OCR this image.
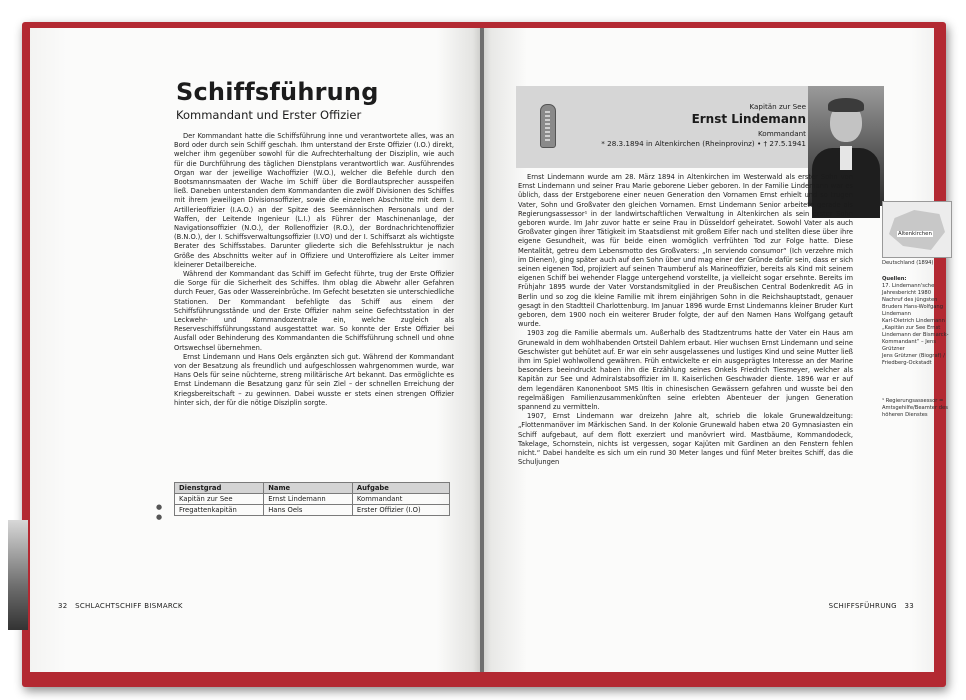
Schiffsführung
Kommandant und Erster Offizier

Der Kommandant hatte die Schiffsführung inne und verantwortete alles, was an Bord oder durch sein Schiff geschah. Ihm unterstand der Erste Offizier (I.O.) direkt, welcher ihm gegenüber sowohl für die Aufrechterhaltung der Disziplin, wie auch für die Durchführung des täglichen Dienstplans verantwortlich war. Ausführendes Organ war der jeweilige Wachoffizier (W.O.), welcher die Befehle durch den Bootsmannsmaaten der Wache im Schiff über die Bordlautsprecher ausspeifen ließ. Daneben unterstanden dem Kommandanten die zwölf Divisionen des Schiffes mit ihrem jeweiligen Divisionsoffizier, sowie die einzelnen Abschnitte mit dem I. Artillerieoffizier (I.A.O.) an der Spitze des Seemännischen Personals und der Waffen, der Leitende Ingenieur (L.I.) als Führer der Maschinenanlage, der Navigationsoffizier (N.O.), der Rollenoffizier (R.O.), der Bordnachrichtenoffizier (B.N.O.), der I. Schiffsverwaltungsoffizier (I.VO) und der I. Schiffsarzt als wichtigste Berater des Schiffsstabes. Darunter gliederte sich die Befehlsstruktur je nach Größe des Abschnitts weiter auf in Offiziere und Unteroffiziere als Leiter immer kleinerer Detailbereiche.

Während der Kommandant das Schiff im Gefecht führte, trug der Erste Offizier die Sorge für die Sicherheit des Schiffes. Ihm oblag die Abwehr aller Gefahren durch Feuer, Gas oder Wassereinbrüche. Im Gefecht besetzten sie unterschiedliche Stationen. Der Kommandant befehligte das Schiff aus einem der Schiffsführungsstände und der Erste Offizier nahm seine Gefechtsstation in der Leckwehr- und Kommandozentrale ein, welche zugleich als Reserveschiffsführungsstand ausgestattet war. So konnte der Erste Offizier bei Ausfall oder Behinderung des Kommandanten die Schiffsführung schnell und ohne Ortswechsel übernehmen.

Ernst Lindemann und Hans Oels ergänzten sich gut. Während der Kommandant von der Besatzung als freundlich und aufgeschlossen wahrgenommen wurde, war Hans Oels für seine nüchterne, streng militärische Art bekannt. Das ermöglichte es Ernst Lindemann die Besatzung ganz für sein Ziel – der schnellen Erreichung der Kriegsbereitschaft – zu gewinnen. Dabei wusste er stets einen strengen Offizier hinter sich, der für die nötige Disziplin sorgte.

●
●
Dienstgrad	Name	Aufgabe
Kapitän zur See	Ernst Lindemann	Kommandant
Fregattenkapitän	Hans Oels	Erster Offizier (I.O)
32 SCHLACHTSCHIFF BISMARCK
Kapitän zur See
Ernst Lindemann
Kommandant
* 28.3.1894 in Altenkirchen (Rheinprovinz) • † 27.5.1941

Ernst Lindemann wurde am 28. März 1894 in Altenkirchen im Westerwald als erster Sohn von Ernst Lindemann und seiner Frau Marie geborene Lieber geboren. In der Familie Lindemann war es üblich, dass der Erstgeborene einer neuen Generation den Vornamen Ernst erhielt und so trugen Vater, Sohn und Großvater den gleichen Vornamen. Ernst Lindemann Senior arbeitete gerade als Regierungsassessor¹ in der landwirtschaftlichen Verwaltung in Altenkirchen als sein erster Sohn geboren wurde. Im Jahr zuvor hatte er seine Frau in Düsseldorf geheiratet. Sowohl Vater als auch Großvater gingen ihrer Tätigkeit im Staatsdienst mit großem Eifer nach und stellten diese über ihre eigene Gesundheit, was für beide einen womöglich verfrühten Tod zur Folge hatte. Diese Mentalität, getreu dem Lebensmotto des Großvaters: „In serviendo consumor“ (Ich verzehre mich im Dienen), ging später auch auf den Sohn über und mag einer der Gründe dafür sein, dass er sich seinen eigenen Tod, projiziert auf seinen Traumberuf als Marineoffizier, bereits als Kind mit seinem eigenen Schiff bei wehender Flagge untergehend vorstellte, ja vielleicht sogar ersehnte. Bereits im Frühjahr 1895 wurde der Vater Vorstandsmitglied in der Preußischen Central Bodenkredit AG in Berlin und so zog die kleine Familie mit ihrem einjährigen Sohn in die Reichshauptstadt, genauer gesagt in den Stadtteil Charlottenburg. Im Januar 1896 wurde Ernst Lindemanns kleiner Bruder Kurt geboren, dem 1900 noch ein weiterer Bruder folgte, der auf den Namen Hans Wolfgang getauft wurde.

1903 zog die Familie abermals um. Außerhalb des Stadtzentrums hatte der Vater ein Haus am Grunewald in dem wohlhabenden Ortsteil Dahlem erbaut. Hier wuchsen Ernst Lindemann und seine Geschwister gut behütet auf. Er war ein sehr ausgelassenes und lustiges Kind und seine Mutter ließ ihm im Spiel wohlwollend gewähren. Früh entwickelte er ein ausgeprägtes Interesse an der Marine besonders beeindruckt haben ihn die Erzählung seines Onkels Friedrich Tiesmeyer, welcher als Kapitän zur See und Admiralstabsoffizier im II. Kaiserlichen Geschwader diente. 1896 war er auf dem legendären Kanonenboot SMS Iltis in chinesischen Gewässern gefahren und wusste bei den regelmäßigen Familienzusammenkünften seine erlebten Abenteuer der jungen Generation spannend zu vermitteln.

1907, Ernst Lindemann war dreizehn Jahre alt, schrieb die lokale Grunewaldzeitung: „Flottenmanöver im Märkischen Sand. In der Kolonie Grunewald haben etwa 20 Gymnasiasten ein Schiff aufgebaut, auf dem flott exerziert und manövriert wird. Mastbäume, Kommandodeck, Takelage, Schornstein, nichts ist vergessen, sogar Kajüten mit Gardinen an den Fenstern fehlen nicht.“ Dabei handelte es sich um ein rund 30 Meter langes und fünf Meter breites Schiff, das die Schuljungen

Altenkirchen
Deutschland (1894)
Quellen:
17. Lindemann'sche Jahresbericht 1980
Nachruf des jüngsten Bruders Hans-Wolfgang Lindemann
Karl-Dietrich Lindemann „Kapitän zur See Ernst Lindemann der Bismarck-Kommandant“ – Jens Grützner
Jens Grützner (Biograf) / Friedberg-Ockstadt
¹ Regierungsassessor = Amtsgehilfe/Beamter des höheren Dienstes
SCHIFFSFÜHRUNG 33
